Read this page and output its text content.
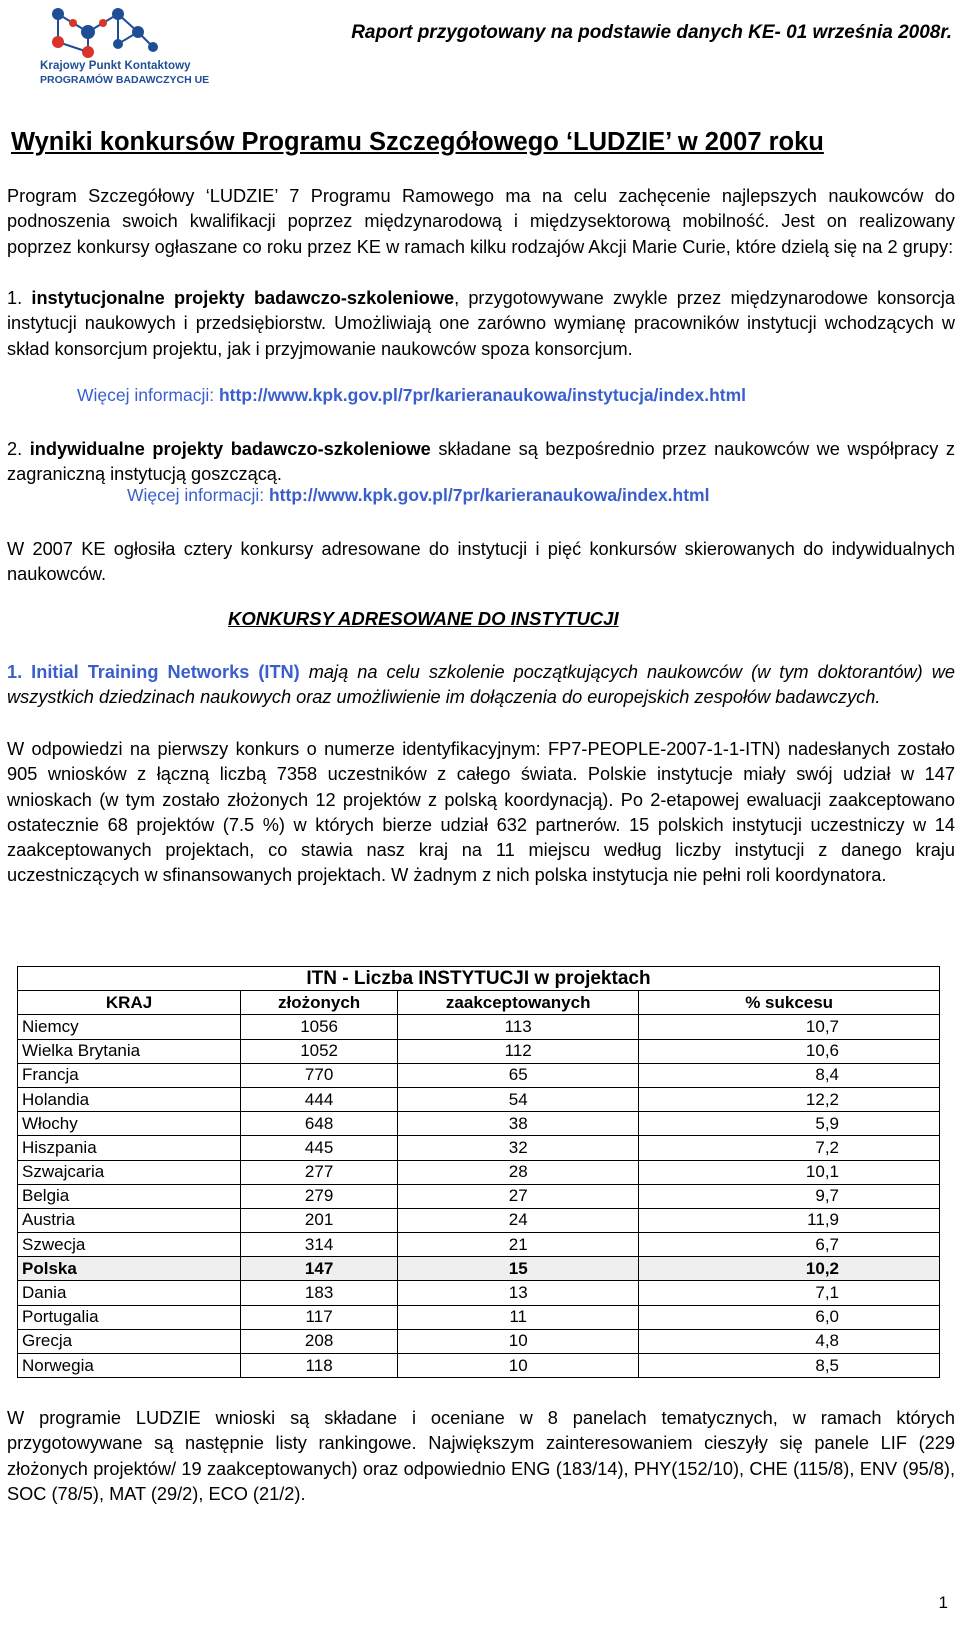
Krajowy Punkt Kontaktowy
PROGRAMÓW BADAWCZYCH UE
Raport przygotowany na podstawie danych KE- 01 września 2008r.
Wyniki konkursów Programu Szczegółowego ‘LUDZIE’ w 2007 roku
Program Szczegółowy ‘LUDZIE’ 7 Programu Ramowego ma na celu zachęcenie najlepszych naukowców do podnoszenia swoich kwalifikacji poprzez międzynarodową i międzysektorową mobilność. Jest on realizowany poprzez konkursy ogłaszane co roku przez KE w ramach kilku rodzajów Akcji Marie Curie, które dzielą się na 2 grupy:
1. instytucjonalne projekty badawczo-szkoleniowe, przygotowywane zwykle przez międzynarodowe konsorcja instytucji naukowych i przedsiębiorstw. Umożliwiają one zarówno wymianę pracowników instytucji wchodzących w skład konsorcjum projektu, jak i przyjmowanie naukowców spoza konsorcjum.
Więcej informacji: http://www.kpk.gov.pl/7pr/karieranaukowa/instytucja/index.html
2. indywidualne projekty badawczo-szkoleniowe składane są bezpośrednio przez naukowców we współpracy z zagraniczną instytucją goszczącą.
Więcej informacji: http://www.kpk.gov.pl/7pr/karieranaukowa/index.html
W 2007 KE ogłosiła cztery konkursy adresowane do instytucji i pięć konkursów skierowanych do indywidualnych naukowców.
KONKURSY ADRESOWANE DO INSTYTUCJI
1. Initial Training Networks (ITN) mają na celu szkolenie początkujących naukowców (w tym doktorantów) we wszystkich dziedzinach naukowych oraz umożliwienie im dołączenia do europejskich zespołów badawczych.
W odpowiedzi na pierwszy konkurs o numerze identyfikacyjnym: FP7-PEOPLE-2007-1-1-ITN) nadesłanych zostało 905 wniosków z łączną liczbą 7358 uczestników z całego świata. Polskie instytucje miały swój udział w 147 wnioskach (w tym zostało złożonych 12 projektów z polską koordynacją). Po 2-etapowej ewaluacji zaakceptowano ostatecznie 68 projektów (7.5 %) w których bierze udział 632 partnerów. 15 polskich instytucji uczestniczy w 14 zaakceptowanych projektach, co stawia nasz kraj na 11 miejscu według liczby instytucji z danego kraju uczestniczących w sfinansowanych projektach. W żadnym z nich polska instytucja nie pełni roli koordynatora.
ITN - Liczba INSTYTUCJI w projektach			
KRAJ	złożonych	zaakceptowanych	% sukcesu
Niemcy	1056	113	10,7
Wielka Brytania	1052	112	10,6
Francja	770	65	8,4
Holandia	444	54	12,2
Włochy	648	38	5,9
Hiszpania	445	32	7,2
Szwajcaria	277	28	10,1
Belgia	279	27	9,7
Austria	201	24	11,9
Szwecja	314	21	6,7
Polska	147	15	10,2
Dania	183	13	7,1
Portugalia	117	11	6,0
Grecja	208	10	4,8
Norwegia	118	10	8,5
W programie LUDZIE wnioski są składane i oceniane w 8 panelach tematycznych, w ramach których przygotowywane są następnie listy rankingowe. Największym zainteresowaniem cieszyły się panele LIF (229 złożonych projektów/ 19 zaakceptowanych) oraz odpowiednio ENG (183/14), PHY(152/10), CHE (115/8), ENV (95/8), SOC (78/5), MAT (29/2), ECO (21/2).
1
